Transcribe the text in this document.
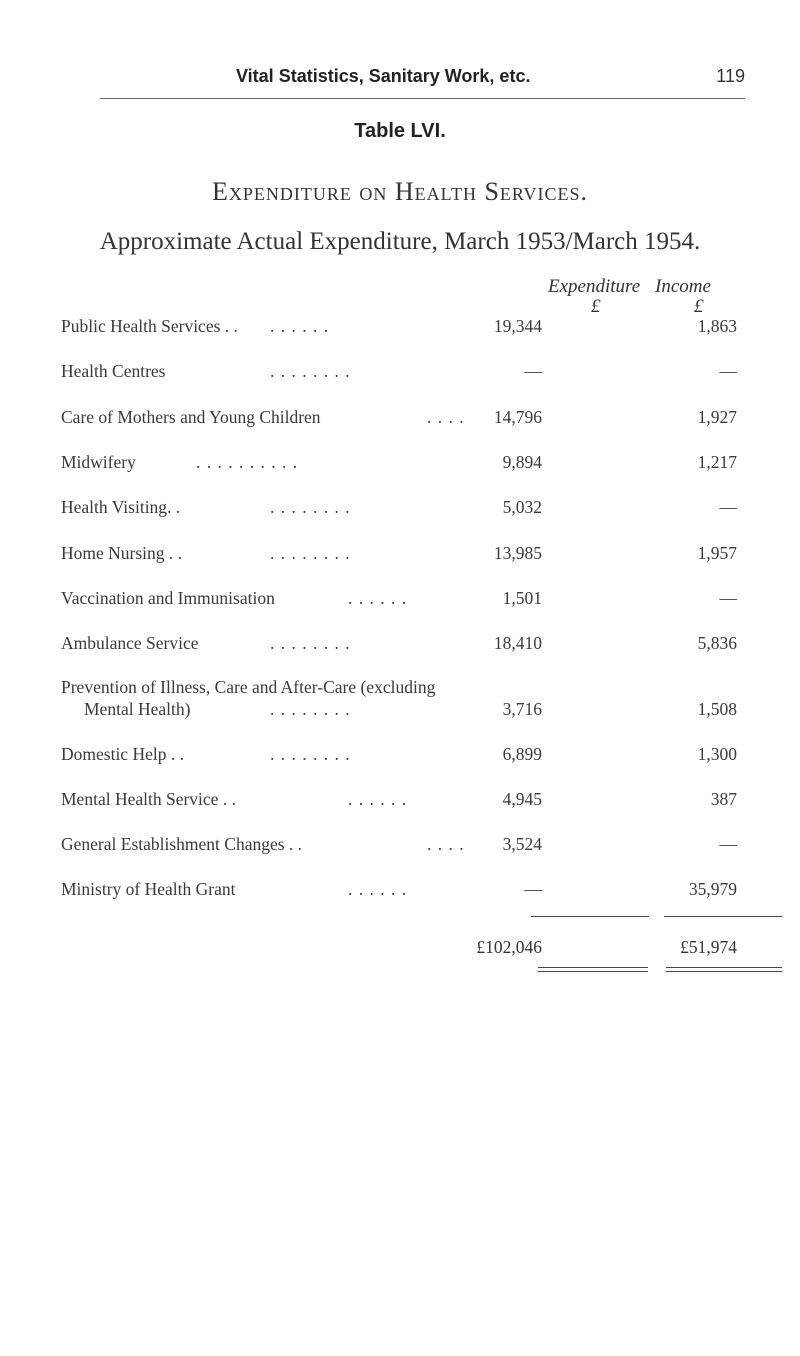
Vital Statistics, Sanitary Work, etc.	119
Table LVI.
Expenditure on Health Services.
Approximate Actual Expenditure, March 1953/March 1954.
Expenditure Income
£	£
Public Health Services . . . . . . . .	19,344	1,863
Health Centres	. . . . . . . .	—	—
Care of Mothers and Young Children	. . . . 14,796	1,927
Midwifery	. . . . . . . . . .	9,894	1,217
Health Visiting. .	. . . . . . . .	5,032	—
Home Nursing . .	. . . . . . . .	13,985	1,957
Vaccination and Immunisation	. . . . . .	1,501	—
Ambulance Service	. . . . . . . .	18,410	5,836
Prevention of Illness, Care and After-Care (excluding
Mental Health)	. . . . . . . .	3,716	1,508
Domestic Help . .	. . . . . . . .	6,899	1,300
Mental Health Service . .	. . . . . .	4,945	387
General Establishment Changes . .	. . . . 3,524	—
Ministry of Health Grant	. . . . . .	—	35,979
£102,046	£51,974
